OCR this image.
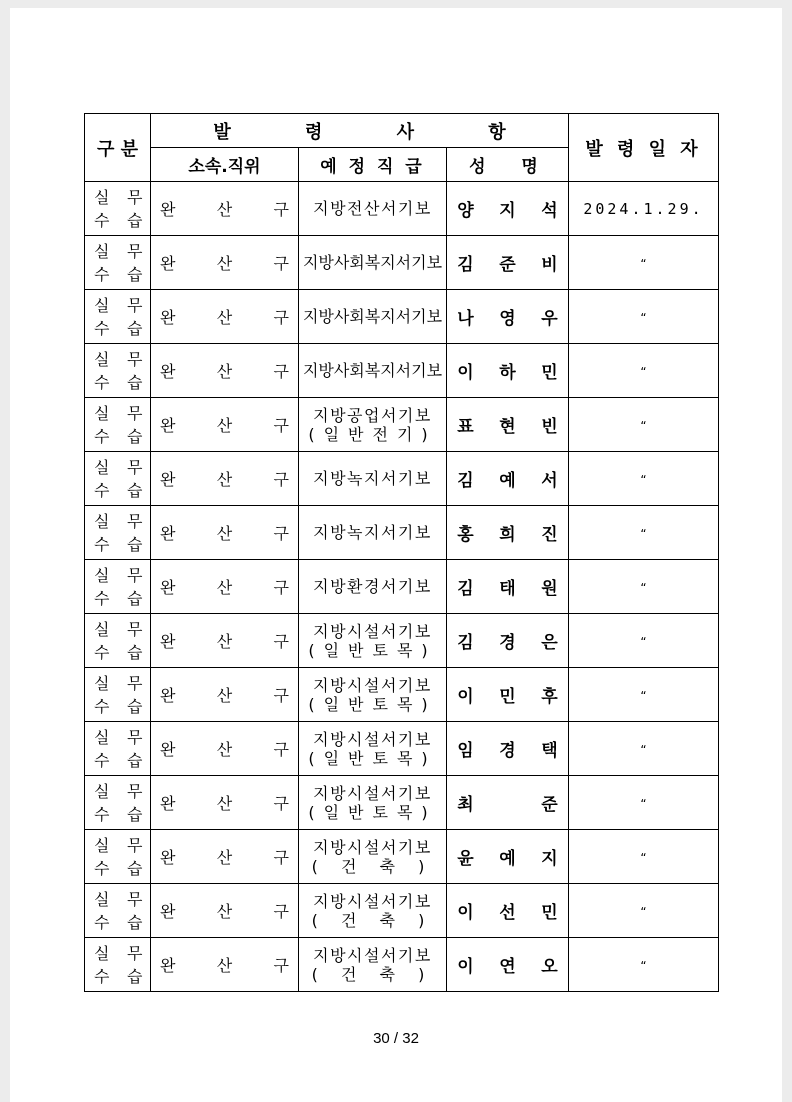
구 분	발 령 사 항			발 령 일 자
	소속.직위	예 정 직 급	성  명	

실 무
수 습	완 산 구	지방전산서기보	양 지 석	2024.1.29.

실 무
수 습	완 산 구	지방사회복지서기보	김 준 비	“

실 무
수 습	완 산 구	지방사회복지서기보	나 영 우	“

실 무
수 습	완 산 구	지방사회복지서기보	이 하 민	“

실 무
수 습	완 산 구	지방공업서기보
(일반전기)	표 현 빈	“

실 무
수 습	완 산 구	지방녹지서기보	김 예 서	“

실 무
수 습	완 산 구	지방녹지서기보	홍 희 진	“

실 무
수 습	완 산 구	지방환경서기보	김 태 원	“

실 무
수 습	완 산 구	지방시설서기보
(일반토목)	김 경 은	“

실 무
수 습	완 산 구	지방시설서기보
(일반토목)	이 민 후	“

실 무
수 습	완 산 구	지방시설서기보
(일반토목)	임 경 택	“

실 무
수 습	완 산 구	지방시설서기보
(일반토목)	최 준	“

실 무
수 습	완 산 구	지방시설서기보
( 건 축 )	윤 예 지	“

실 무
수 습	완 산 구	지방시설서기보
( 건 축 )	이 선 민	“

실 무
수 습	완 산 구	지방시설서기보
( 건 축 )	이 연 오	“
30 / 32
